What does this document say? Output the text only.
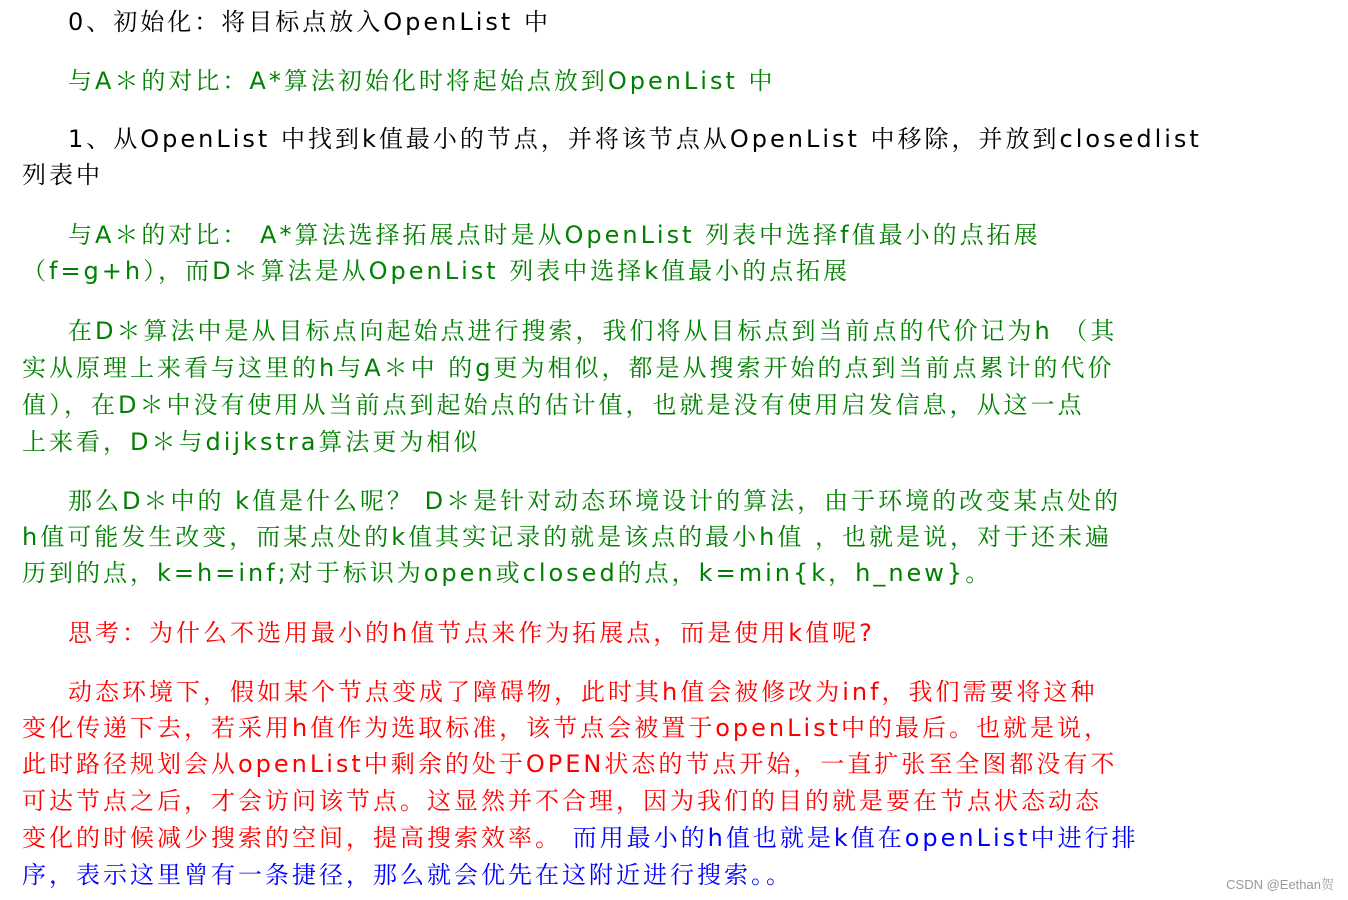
0、初始化：将目标点放入OpenList 中
与A＊的对比：A*算法初始化时将起始点放到OpenList 中
1、从OpenList 中找到k值最小的节点，并将该节点从OpenList 中移除，并放到closedlist
列表中
与A＊的对比： A*算法选择拓展点时是从OpenList 列表中选择f值最小的点拓展
（f=g+h），而D＊算法是从OpenList 列表中选择k值最小的点拓展
在D＊算法中是从目标点向起始点进行搜索，我们将从目标点到当前点的代价记为h （其
实从原理上来看与这里的h与A＊中 的g更为相似，都是从搜索开始的点到当前点累计的代价
值），在D＊中没有使用从当前点到起始点的估计值，也就是没有使用启发信息，从这一点
上来看，D＊与dijkstra算法更为相似
那么D＊中的 k值是什么呢？ D＊是针对动态环境设计的算法，由于环境的改变某点处的
h值可能发生改变，而某点处的k值其实记录的就是该点的最小h值 ，也就是说，对于还未遍
历到的点，k=h=inf;对于标识为open或closed的点，k=min{k，h_new}。
思考：为什么不选用最小的h值节点来作为拓展点，而是使用k值呢?
动态环境下，假如某个节点变成了障碍物，此时其h值会被修改为inf，我们需要将这种
变化传递下去，若采用h值作为选取标准，该节点会被置于openList中的最后。也就是说，
此时路径规划会从openList中剩余的处于OPEN状态的节点开始，一直扩张至全图都没有不
可达节点之后，才会访问该节点。这显然并不合理，因为我们的目的就是要在节点状态动态
变化的时候减少搜索的空间，提高搜索效率。 而用最小的h值也就是k值在openList中进行排
序，表示这里曾有一条捷径，那么就会优先在这附近进行搜索。。	CSDN @Eethan贺
